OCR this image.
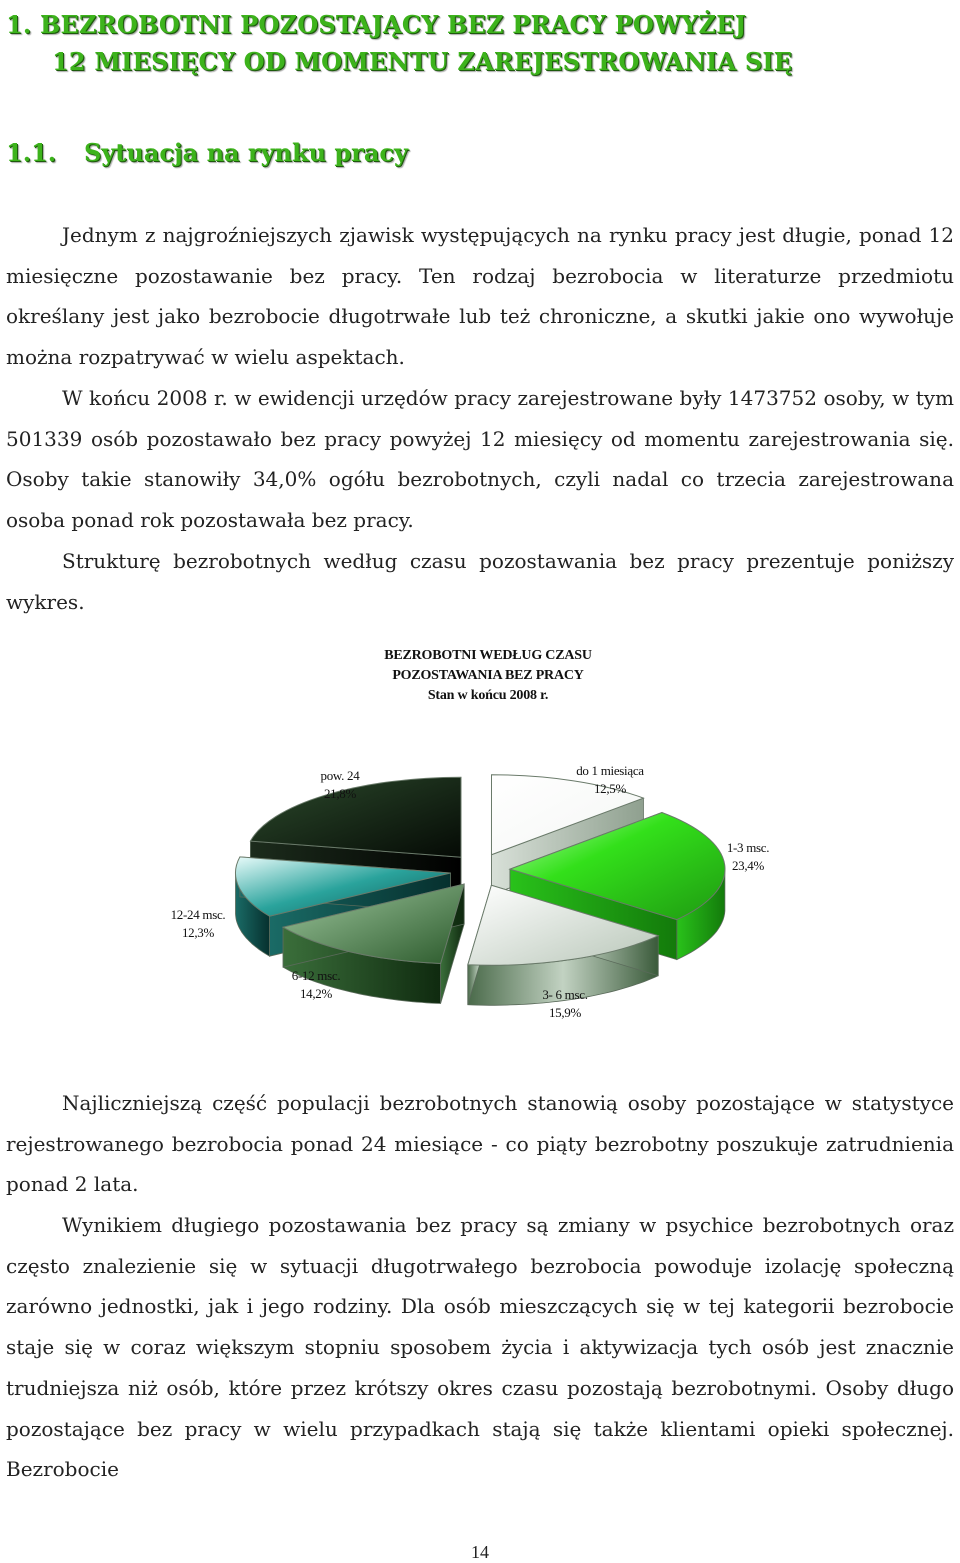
1. BEZROBOTNI POZOSTAJĄCY BEZ PRACY POWYŻEJ
12 MIESIĘCY OD MOMENTU ZAREJESTROWANIA SIĘ
1.1. Sytuacja na rynku pracy

Jednym z najgroźniejszych zjawisk występujących na rynku pracy jest długie, ponad 12 miesięczne pozostawanie bez pracy. Ten rodzaj bezrobocia w literaturze przedmiotu określany jest jako bezrobocie długotrwałe lub też chroniczne, a skutki jakie ono wywołuje można rozpatrywać w wielu aspektach.

W końcu 2008 r. w ewidencji urzędów pracy zarejestrowane były 1473752 osoby, w tym 501339 osób pozostawało bez pracy powyżej 12 miesięcy od momentu zarejestrowania się. Osoby takie stanowiły 34,0% ogółu bezrobotnych, czyli nadal co trzecia zarejestrowana osoba ponad rok pozostawała bez pracy.

Strukturę bezrobotnych według czasu pozostawania bez pracy prezentuje poniższy wykres.

BEZROBOTNI WEDŁUG CZASU
POZOSTAWANIA BEZ PRACY
Stan w końcu 2008 r.
pow. 24
21,8%
do 1 miesiąca
12,5%
1-3 msc.
23,4%
12-24 msc.
12,3%
6-12 msc.
14,2%	3- 6 msc.
15,9%

Najliczniejszą część populacji bezrobotnych stanowią osoby pozostające w statystyce rejestrowanego bezrobocia ponad 24 miesiące - co piąty bezrobotny poszukuje zatrudnienia ponad 2 lata.

Wynikiem długiego pozostawania bez pracy są zmiany w psychice bezrobotnych oraz często znalezienie się w sytuacji długotrwałego bezrobocia powoduje izolację społeczną zarówno jednostki, jak i jego rodziny. Dla osób mieszczących się w tej kategorii bezrobocie staje się w coraz większym stopniu sposobem życia i aktywizacja tych osób jest znacznie trudniejsza niż osób, które przez krótszy okres czasu pozostają bezrobotnymi. Osoby długo pozostające bez pracy w wielu przypadkach stają się także klientami opieki społecznej. Bezrobocie

14
